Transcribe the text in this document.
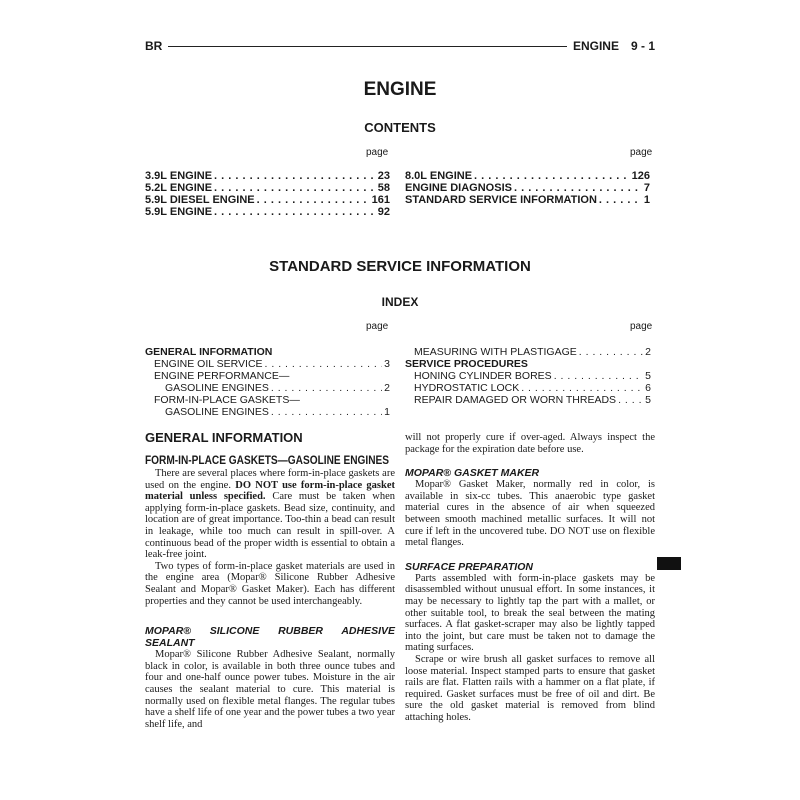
BR	ENGINE 9 - 1
ENGINE
CONTENTS
page	page
3.9L ENGINE . . .	23
5.2L ENGINE . . .	58
5.9L DIESEL ENGINE . . .	161
5.9L ENGINE . . .	92
8.0L ENGINE . . .	126
ENGINE DIAGNOSIS . . .	7
STANDARD SERVICE INFORMATION . . .	1
STANDARD SERVICE INFORMATION
INDEX
page	page
GENERAL INFORMATION
ENGINE OIL SERVICE . . .	3
ENGINE PERFORMANCE—
GASOLINE ENGINES . . .	2
FORM-IN-PLACE GASKETS—
GASOLINE ENGINES . . .	1
MEASURING WITH PLASTIGAGE . . .	2
SERVICE PROCEDURES
HONING CYLINDER BORES . . .	5
HYDROSTATIC LOCK . . .	6
REPAIR DAMAGED OR WORN THREADS . . .	5
GENERAL INFORMATION
FORM-IN-PLACE GASKETS—GASOLINE ENGINES

There are several places where form-in-place gaskets are used on the engine. DO NOT use form-in-place gasket material unless specified. Care must be taken when applying form-in-place gaskets. Bead size, continuity, and location are of great importance. Too-thin a bead can result in leakage, while too much can result in spill-over. A continuous bead of the proper width is essential to obtain a leak-free joint.

Two types of form-in-place gasket materials are used in the engine area (Mopar® Silicone Rubber Adhesive Sealant and Mopar® Gasket Maker). Each has different properties and they cannot be used interchangeably.

MOPAR® SILICONE RUBBER ADHESIVE SEALANT

Mopar® Silicone Rubber Adhesive Sealant, normally black in color, is available in both three ounce tubes and four and one-half ounce power tubes. Moisture in the air causes the sealant material to cure. This material is normally used on flexible metal flanges. The regular tubes have a shelf life of one year and the power tubes a two year shelf life, and

will not properly cure if over-aged. Always inspect the package for the expiration date before use.

MOPAR® GASKET MAKER

Mopar® Gasket Maker, normally red in color, is available in six-cc tubes. This anaerobic type gasket material cures in the absence of air when squeezed between smooth machined metallic surfaces. It will not cure if left in the uncovered tube. DO NOT use on flexible metal flanges.

SURFACE PREPARATION

Parts assembled with form-in-place gaskets may be disassembled without unusual effort. In some instances, it may be necessary to lightly tap the part with a mallet, or other suitable tool, to break the seal between the mating surfaces. A flat gasket-scraper may also be lightly tapped into the joint, but care must be taken not to damage the mating surfaces.

Scrape or wire brush all gasket surfaces to remove all loose material. Inspect stamped parts to ensure that gasket rails are flat. Flatten rails with a hammer on a flat plate, if required. Gasket surfaces must be free of oil and dirt. Be sure the old gasket material is removed from blind attaching holes.
